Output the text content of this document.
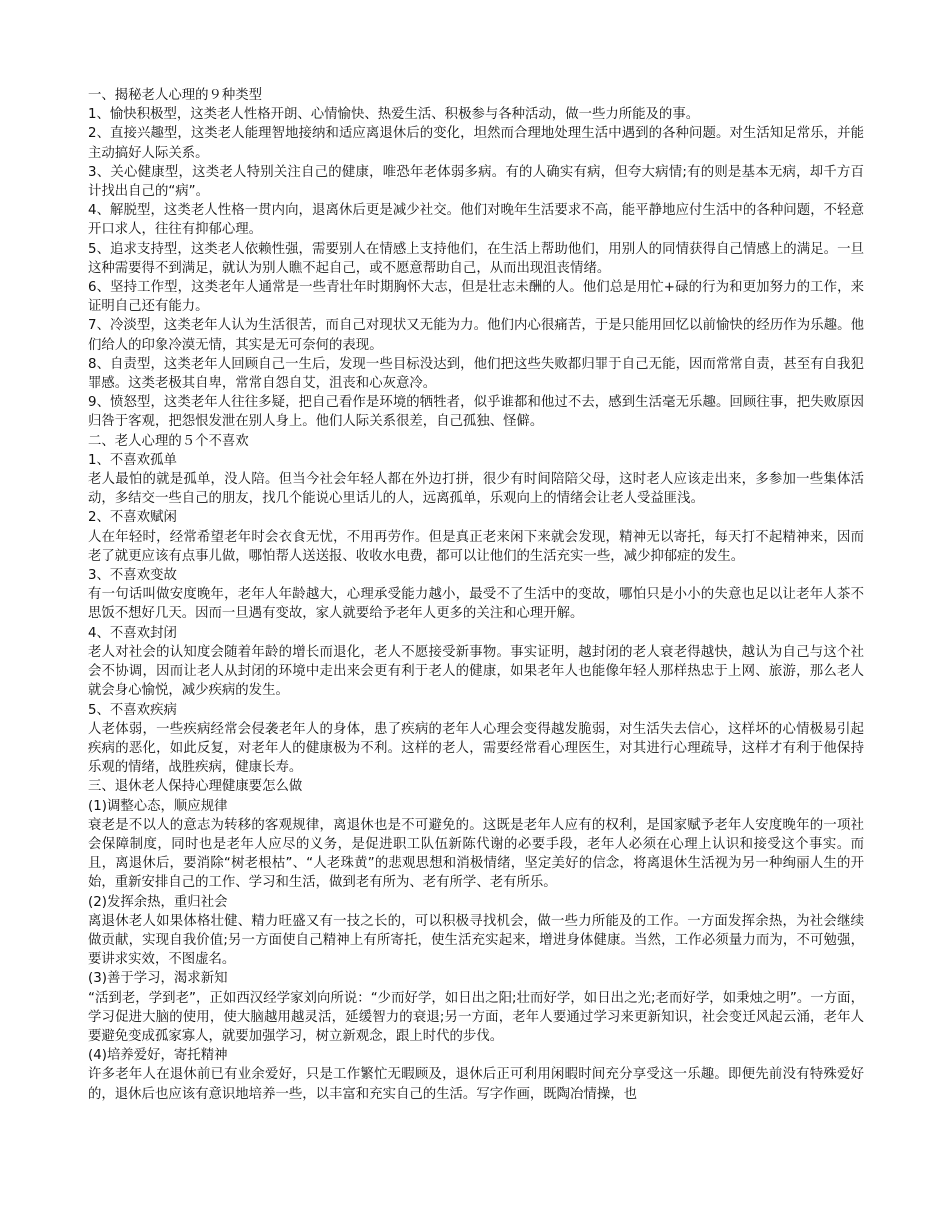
一、揭秘老人心理的９种类型

1、愉快积极型，这类老人性格开朗、心情愉快、热爱生活、积极参与各种活动，做一些力所能及的事。

2、直接兴趣型，这类老人能理智地接纳和适应离退休后的变化，坦然而合理地处理生活中遇到的各种问题。对生活知足常乐，并能主动搞好人际关系。

3、关心健康型，这类老人特别关注自己的健康，唯恐年老体弱多病。有的人确实有病，但夸大病情;有的则是基本无病，却千方百计找出自己的“病”。

4、解脱型，这类老人性格一贯内向，退离休后更是减少社交。他们对晚年生活要求不高，能平静地应付生活中的各种问题，不轻意开口求人，往往有抑郁心理。

5、追求支持型，这类老人依赖性强，需要别人在情感上支持他们，在生活上帮助他们，用别人的同情获得自己情感上的满足。一旦这种需要得不到满足，就认为别人瞧不起自己，或不愿意帮助自己，从而出现沮丧情绪。

6、坚持工作型，这类老年人通常是一些青壮年时期胸怀大志，但是壮志未酬的人。他们总是用忙+碌的行为和更加努力的工作，来证明自己还有能力。

7、冷淡型，这类老年人认为生活很苦，而自己对现状又无能为力。他们内心很痛苦，于是只能用回忆以前愉快的经历作为乐趣。他们给人的印象冷漠无情，其实是无可奈何的表现。

8、自责型，这类老年人回顾自己一生后，发现一些目标没达到，他们把这些失败都归罪于自己无能，因而常常自责，甚至有自我犯罪感。这类老极其自卑，常常自怨自艾，沮丧和心灰意冷。

9、愤怒型，这类老年人往往多疑，把自己看作是环境的牺牲者，似乎谁都和他过不去，感到生活毫无乐趣。回顾往事，把失败原因归咎于客观，把怨恨发泄在别人身上。他们人际关系很差，自己孤独、怪僻。

二、老人心理的５个不喜欢

1、不喜欢孤单

老人最怕的就是孤单，没人陪。但当今社会年轻人都在外边打拼，很少有时间陪陪父母，这时老人应该走出来，多参加一些集体活动，多结交一些自己的朋友，找几个能说心里话儿的人，远离孤单，乐观向上的情绪会让老人受益匪浅。

2、不喜欢赋闲

人在年轻时，经常希望老年时会衣食无忧，不用再劳作。但是真正老来闲下来就会发现，精神无以寄托，每天打不起精神来，因而老了就更应该有点事儿做，哪怕帮人送送报、收收水电费，都可以让他们的生活充实一些，减少抑郁症的发生。

3、不喜欢变故

有一句话叫做安度晚年，老年人年龄越大，心理承受能力越小，最受不了生活中的变故，哪怕只是小小的失意也足以让老年人茶不思饭不想好几天。因而一旦遇有变故，家人就要给予老年人更多的关注和心理开解。

4、不喜欢封闭

老人对社会的认知度会随着年龄的增长而退化，老人不愿接受新事物。事实证明，越封闭的老人衰老得越快，越认为自己与这个社会不协调，因而让老人从封闭的环境中走出来会更有利于老人的健康，如果老年人也能像年轻人那样热忠于上网、旅游，那么老人就会身心愉悦，减少疾病的发生。

5、不喜欢疾病

人老体弱，一些疾病经常会侵袭老年人的身体，患了疾病的老年人心理会变得越发脆弱，对生活失去信心，这样坏的心情极易引起疾病的恶化，如此反复，对老年人的健康极为不利。这样的老人，需要经常看心理医生，对其进行心理疏导，这样才有利于他保持乐观的情绪，战胜疾病，健康长寿。

三、退休老人保持心理健康要怎么做

(1)调整心态，顺应规律

衰老是不以人的意志为转移的客观规律，离退休也是不可避免的。这既是老年人应有的权利，是国家赋予老年人安度晚年的一项社会保障制度，同时也是老年人应尽的义务，是促进职工队伍新陈代谢的必要手段，老年人必须在心理上认识和接受这个事实。而且，离退休后，要消除“树老根枯”、“人老珠黄”的悲观思想和消极情绪，坚定美好的信念，将离退休生活视为另一种绚丽人生的开始，重新安排自己的工作、学习和生活，做到老有所为、老有所学、老有所乐。

(2)发挥余热，重归社会

离退休老人如果体格壮健、精力旺盛又有一技之长的，可以积极寻找机会，做一些力所能及的工作。一方面发挥余热，为社会继续做贡献，实现自我价值;另一方面使自己精神上有所寄托，使生活充实起来，增进身体健康。当然，工作必须量力而为，不可勉强，要讲求实效，不图虚名。

(3)善于学习，渴求新知

“活到老，学到老”，正如西汉经学家刘向所说：“少而好学，如日出之阳;壮而好学，如日出之光;老而好学，如秉烛之明”。一方面，学习促进大脑的使用，使大脑越用越灵活，延缓智力的衰退;另一方面，老年人要通过学习来更新知识，社会变迁风起云涌，老年人要避免变成孤家寡人，就要加强学习，树立新观念，跟上时代的步伐。

(4)培养爱好，寄托精神

许多老年人在退休前已有业余爱好，只是工作繁忙无暇顾及，退休后正可利用闲暇时间充分享受这一乐趣。即便先前没有特殊爱好的，退休后也应该有意识地培养一些，以丰富和充实自己的生活。写字作画，既陶冶情操，也
